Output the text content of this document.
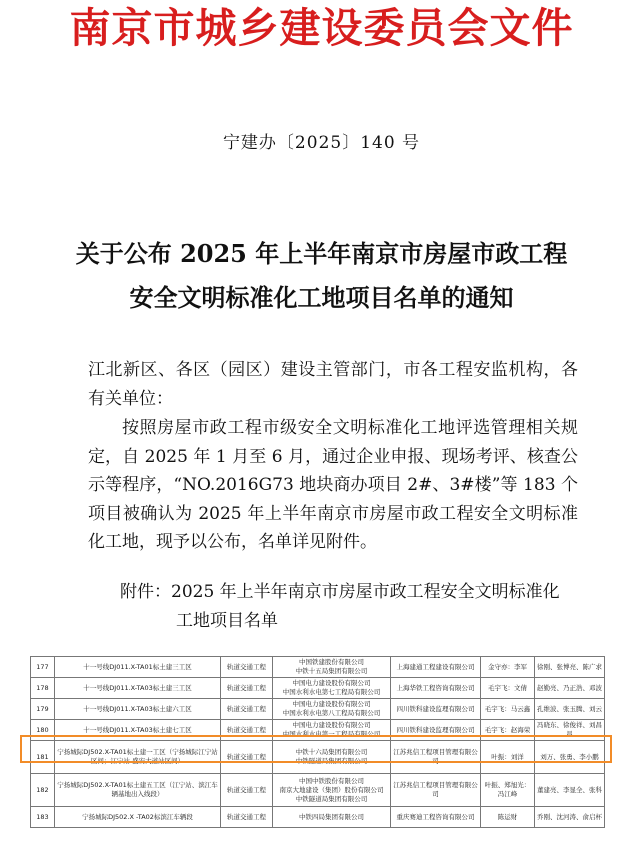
南京市城乡建设委员会文件
宁建办〔2025〕140 号
关于公布 2025 年上半年南京市房屋市政工程
安全文明标准化工地项目名单的通知
江北新区、各区（园区）建设主管部门，市各工程安监机构，各有关单位：
按照房屋市政工程市级安全文明标准化工地评选管理相关规定，自 2025 年 1 月至 6 月，通过企业申报、现场考评、核查公示等程序，“NO.2016G73 地块商办项目 2#、3#楼”等 183 个项目被确认为 2025 年上半年南京市房屋市政工程安全文明标准化工地，现予以公布，名单详见附件。
附件：2025 年上半年南京市房屋市政工程安全文明标准化
工地项目名单
177	十一号线DJ011.X-TA01标土建三工区	轨道交通工程	中国铁建股份有限公司
中铁十五局集团有限公司	上海建通工程建设有限公司	金守亦：李军	徐刚、张博亮、陈广求
178	十一号线DJ011.X-TA03标土建三工区	轨道交通工程	中国电力建设股份有限公司
中国水利水电第七工程局有限公司	上海华铁工程咨询有限公司	毛宇飞：文倩	赵勤亮、乃正浩、邓波
179	十一号线DJ011.X-TA03标土建六工区	轨道交通工程	中国电力建设股份有限公司
中国水利水电第八工程局有限公司	四川铁科建设监理有限公司	毛宇飞：马云鑫	孔维波、张玉腾、刘云
180	十一号线DJ011.X-TA03标土建七工区	轨道交通工程	中国电力建设股份有限公司
中国水利水电第一工程局有限公司	四川铁科建设监理有限公司	毛宇飞：赵海荣	冯晓东、徐俊祥、刘昌昌
181	宁扬城际DJ502.X-TA01标土建一工区（宁扬城际江宁站区间；江宁站-盛安大道站区间）	轨道交通工程	中铁十六局集团有限公司
中铁隧道局集团有限公司	江苏兆信工程项目管理有限公司	叶振：刘洋	刘万、张勇、李小鹏
182	宁扬城际DJ502.X-TA01标土建五工区（江宁站、滨江车辆基地出入线段）	轨道交通工程	中国中铁股份有限公司
南京大地建设（集团）股份有限公司
中铁隧道局集团有限公司	江苏兆信工程项目管理有限公司	叶振、郑旭光：冯江峰	董建亮、李显全、张科
183	宁扬城际DJ502.X -TA02标滨江车辆段	轨道交通工程	中铁四局集团有限公司	重庆赛迪工程咨询有限公司	陈运财	乔刚、沈河涛、俞启杯
